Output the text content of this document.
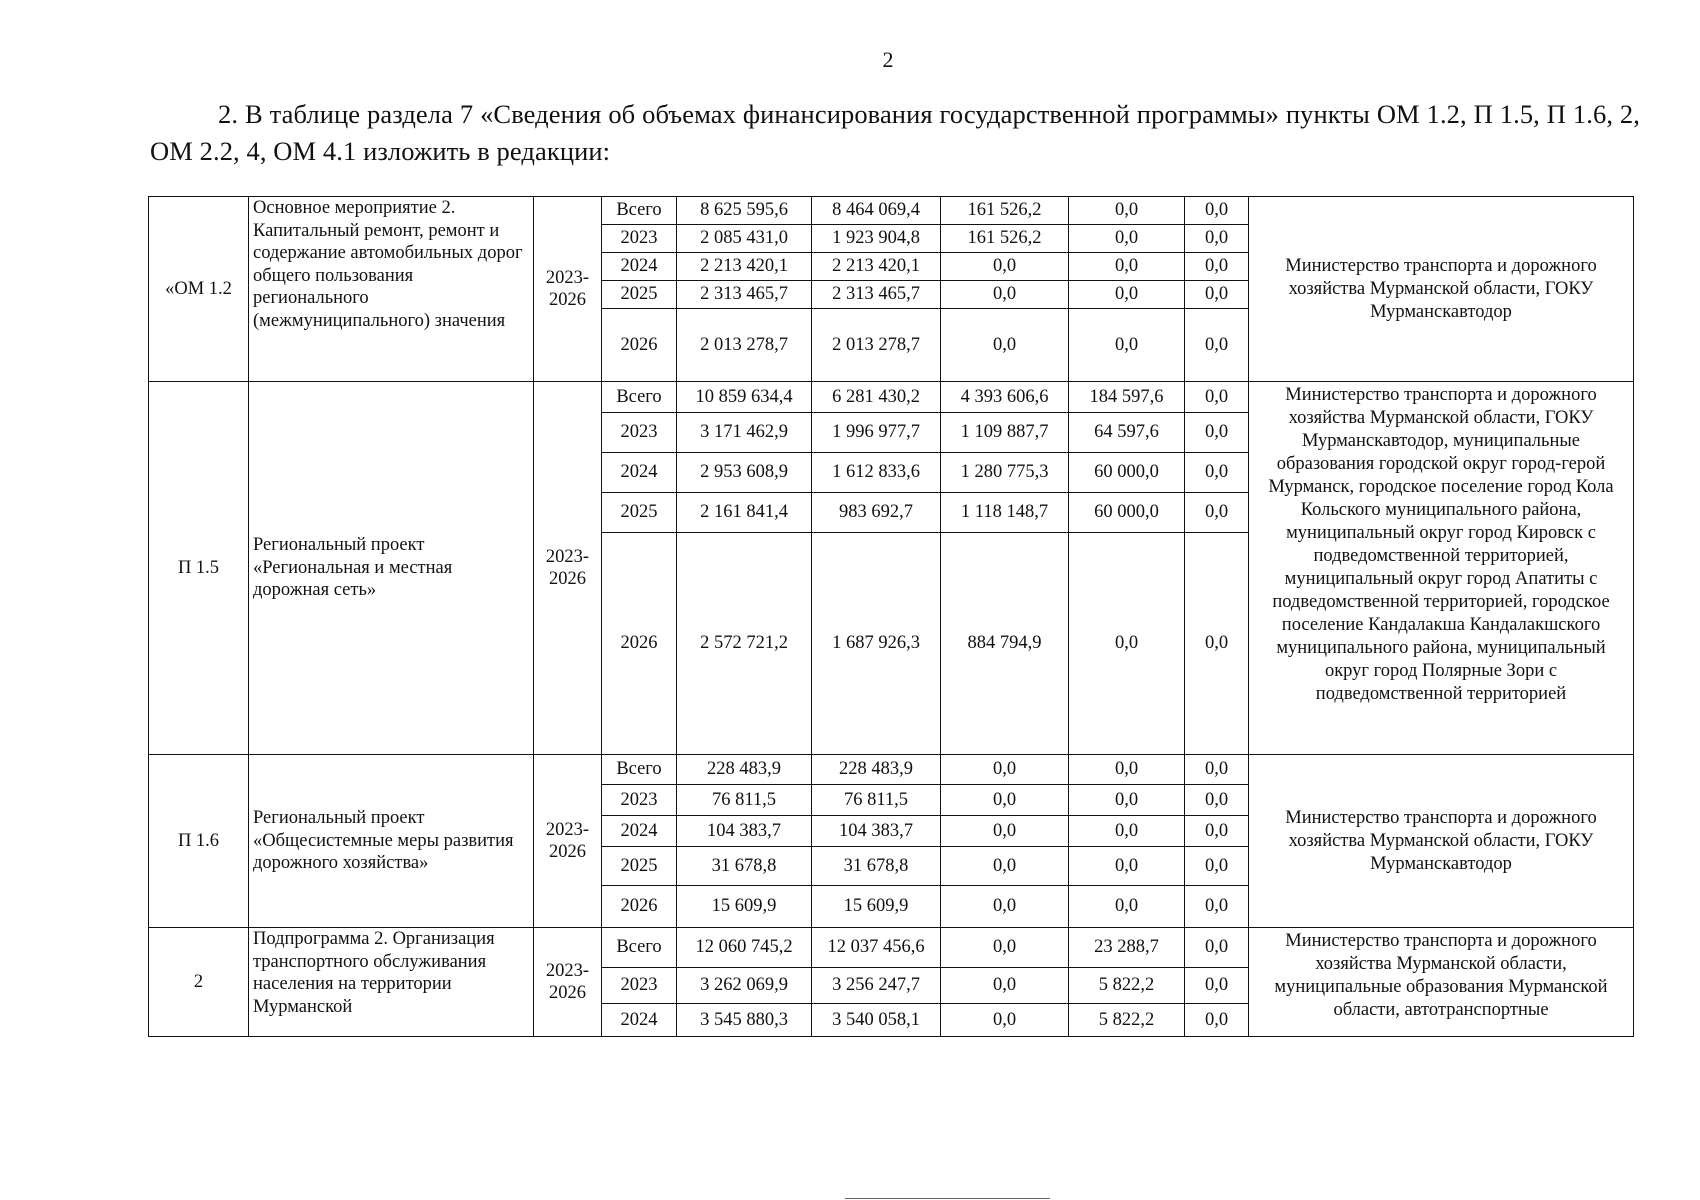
2
2. В таблице раздела 7 «Сведения об объемах финансирования государственной программы» пункты ОМ 1.2, П 1.5, П 1.6, 2, ОМ 2.2, 4, ОМ 4.1 изложить в редакции:
«ОМ 1.2	Основное мероприятие 2. Капитальный ремонт, ремонт и содержание автомобильных дорог общего пользования регионального (межмуниципального) значения	2023-2026	Всего	8 625 595,6	8 464 069,4	161 526,2	0,0	0,0	Министерство транспорта и дорожного хозяйства Мурманской области, ГОКУ Мурманскавтодор
			2023	2 085 431,0	1 923 904,8	161 526,2	0,0	0,0	
			2024	2 213 420,1	2 213 420,1	0,0	0,0	0,0	
			2025	2 313 465,7	2 313 465,7	0,0	0,0	0,0	
			2026	2 013 278,7	2 013 278,7	0,0	0,0	0,0	
П 1.5	Региональный проект «Региональная и местная дорожная сеть»	2023-2026	Всего	10 859 634,4	6 281 430,2	4 393 606,6	184 597,6	0,0	Министерство транспорта и дорожного хозяйства Мурманской области, ГОКУ Мурманскавтодор, муниципальные образования городской округ город-герой Мурманск, городское поселение город Кола Кольского муниципального района, муниципальный округ город Кировск с подведомственной территорией, муниципальный округ город Апатиты с подведомственной территорией, городское поселение Кандалакша Кандалакшского муниципального района, муниципальный округ город Полярные Зори с подведомственной территорией
			2023	3 171 462,9	1 996 977,7	1 109 887,7	64 597,6	0,0	
			2024	2 953 608,9	1 612 833,6	1 280 775,3	60 000,0	0,0	
			2025	2 161 841,4	983 692,7	1 118 148,7	60 000,0	0,0	
			2026	2 572 721,2	1 687 926,3	884 794,9	0,0	0,0	
П 1.6	Региональный проект «Общесистемные меры развития дорожного хозяйства»	2023-2026	Всего	228 483,9	228 483,9	0,0	0,0	0,0	Министерство транспорта и дорожного хозяйства Мурманской области, ГОКУ Мурманскавтодор
			2023	76 811,5	76 811,5	0,0	0,0	0,0	
			2024	104 383,7	104 383,7	0,0	0,0	0,0	
			2025	31 678,8	31 678,8	0,0	0,0	0,0	
			2026	15 609,9	15 609,9	0,0	0,0	0,0	
2	Подпрограмма 2. Организация транспортного обслуживания населения на территории Мурманской	2023-2026	Всего	12 060 745,2	12 037 456,6	0,0	23 288,7	0,0	Министерство транспорта и дорожного хозяйства Мурманской области, муниципальные образования Мурманской области, автотранспортные
			2023	3 262 069,9	3 256 247,7	0,0	5 822,2	0,0	
			2024	3 545 880,3	3 540 058,1	0,0	5 822,2	0,0	
